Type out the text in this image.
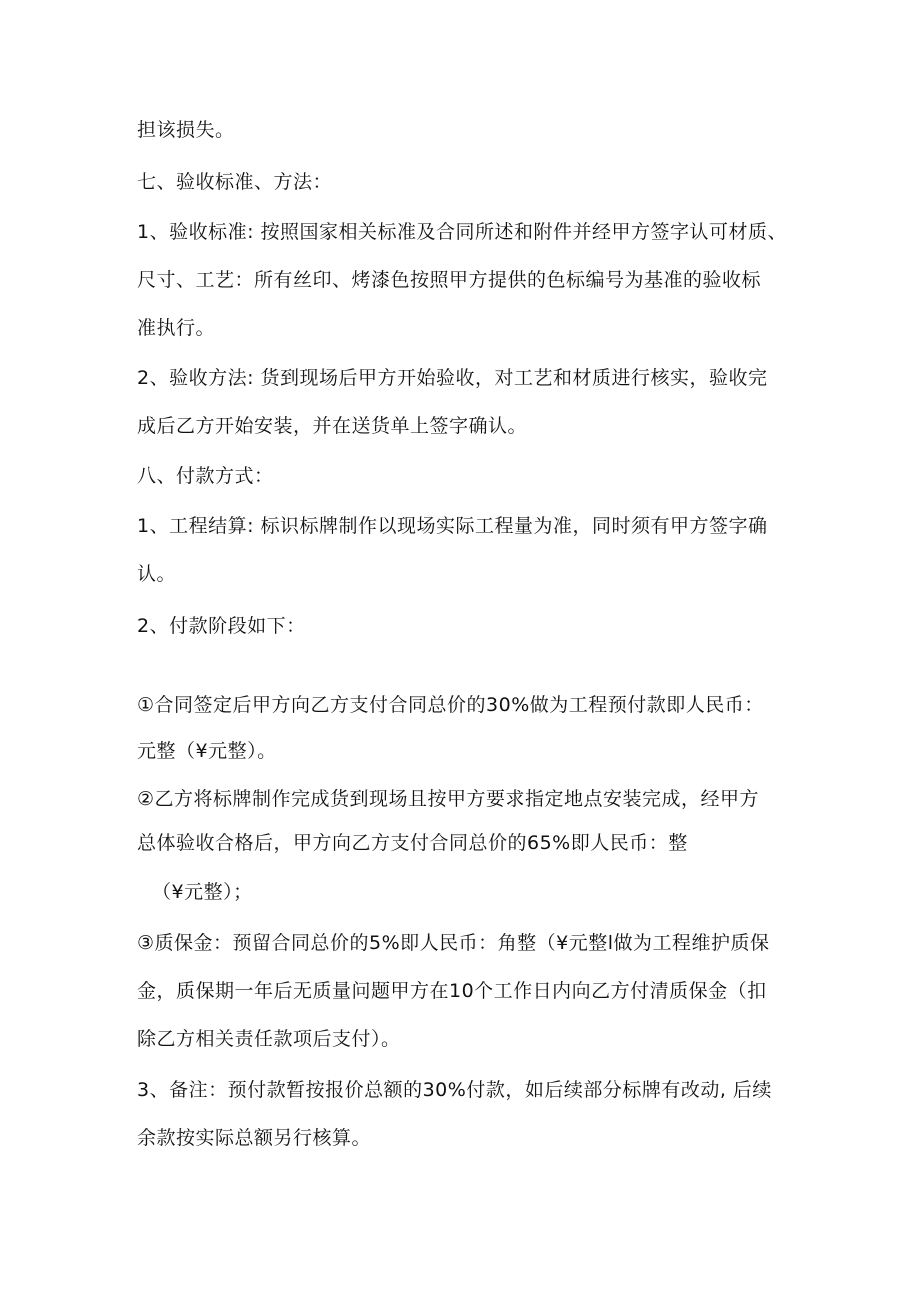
担该损失。
七、验收标准、方法：
1、验收标准: 按照国家相关标准及合同所述和附件并经甲方签字认可材质、
尺寸、工艺：所有丝印、烤漆色按照甲方提供的色标编号为基准的验收标
准执行。
2、验收方法: 货到现场后甲方开始验收，对工艺和材质进行核实，验收完
成后乙方开始安装，并在送货单上签字确认。
八、付款方式：
1、工程结算: 标识标牌制作以现场实际工程量为准，同时须有甲方签字确
认。
2、付款阶段如下：
①合同签定后甲方向乙方支付合同总价的30%做为工程预付款即人民币：
元整（¥元整）。
②乙方将标牌制作完成货到现场且按甲方要求指定地点安装完成，经甲方
总体验收合格后，甲方向乙方支付合同总价的65%即人民币：整
（¥元整）；
③质保金：预留合同总价的5%即人民币：角整（¥元整l做为工程维护质保
金，质保期一年后无质量问题甲方在10个工作日内向乙方付清质保金（扣
除乙方相关责任款项后支付）。
3、备注：预付款暂按报价总额的30%付款，如后续部分标牌有改动, 后续
余款按实际总额另行核算。
